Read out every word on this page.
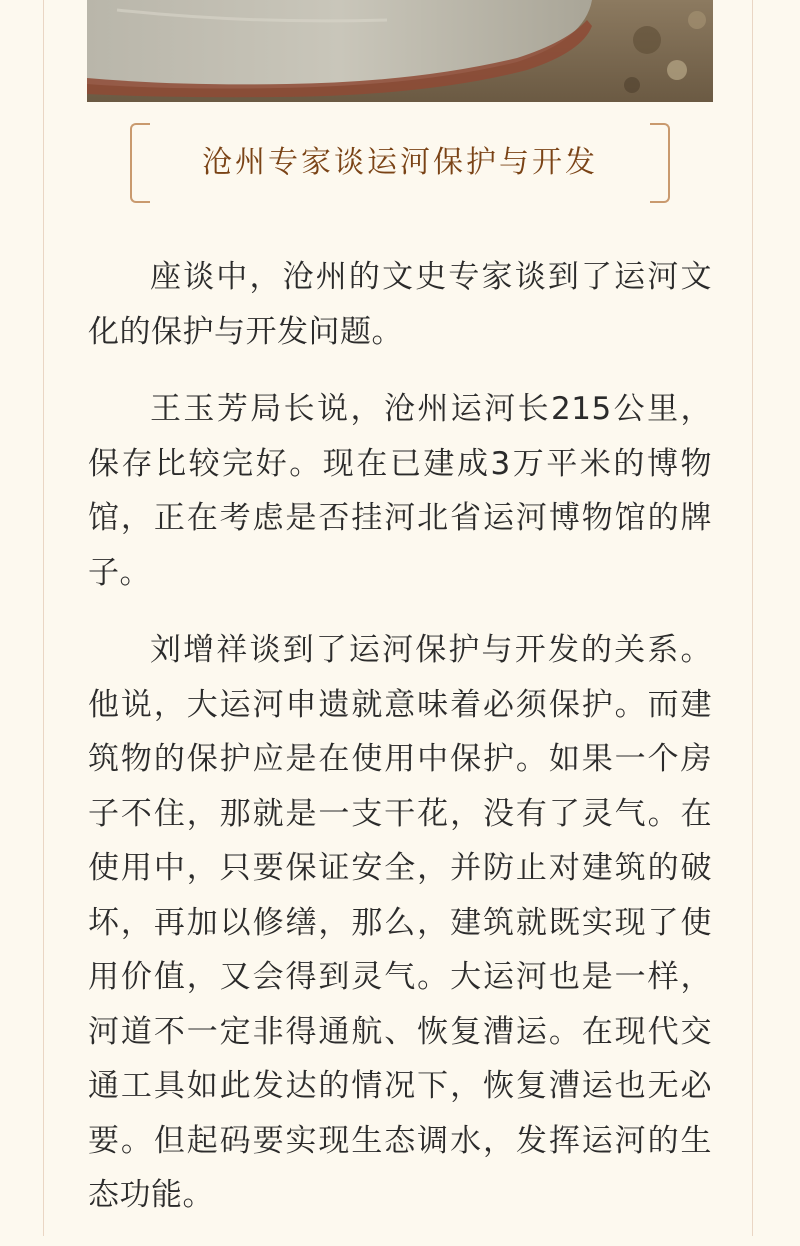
沧州专家谈运河保护与开发

座谈中，沧州的文史专家谈到了运河文化的保护与开发问题。

王玉芳局长说，沧州运河长215公里，保存比较完好。现在已建成3万平米的博物馆，正在考虑是否挂河北省运河博物馆的牌子。

刘增祥谈到了运河保护与开发的关系。他说，大运河申遗就意味着必须保护。而建筑物的保护应是在使用中保护。如果一个房子不住，那就是一支干花，没有了灵气。在使用中，只要保证安全，并防止对建筑的破坏，再加以修缮，那么，建筑就既实现了使用价值，又会得到灵气。大运河也是一样，河道不一定非得通航、恢复漕运。在现代交通工具如此发达的情况下，恢复漕运也无必要。但起码要实现生态调水，发挥运河的生态功能。
